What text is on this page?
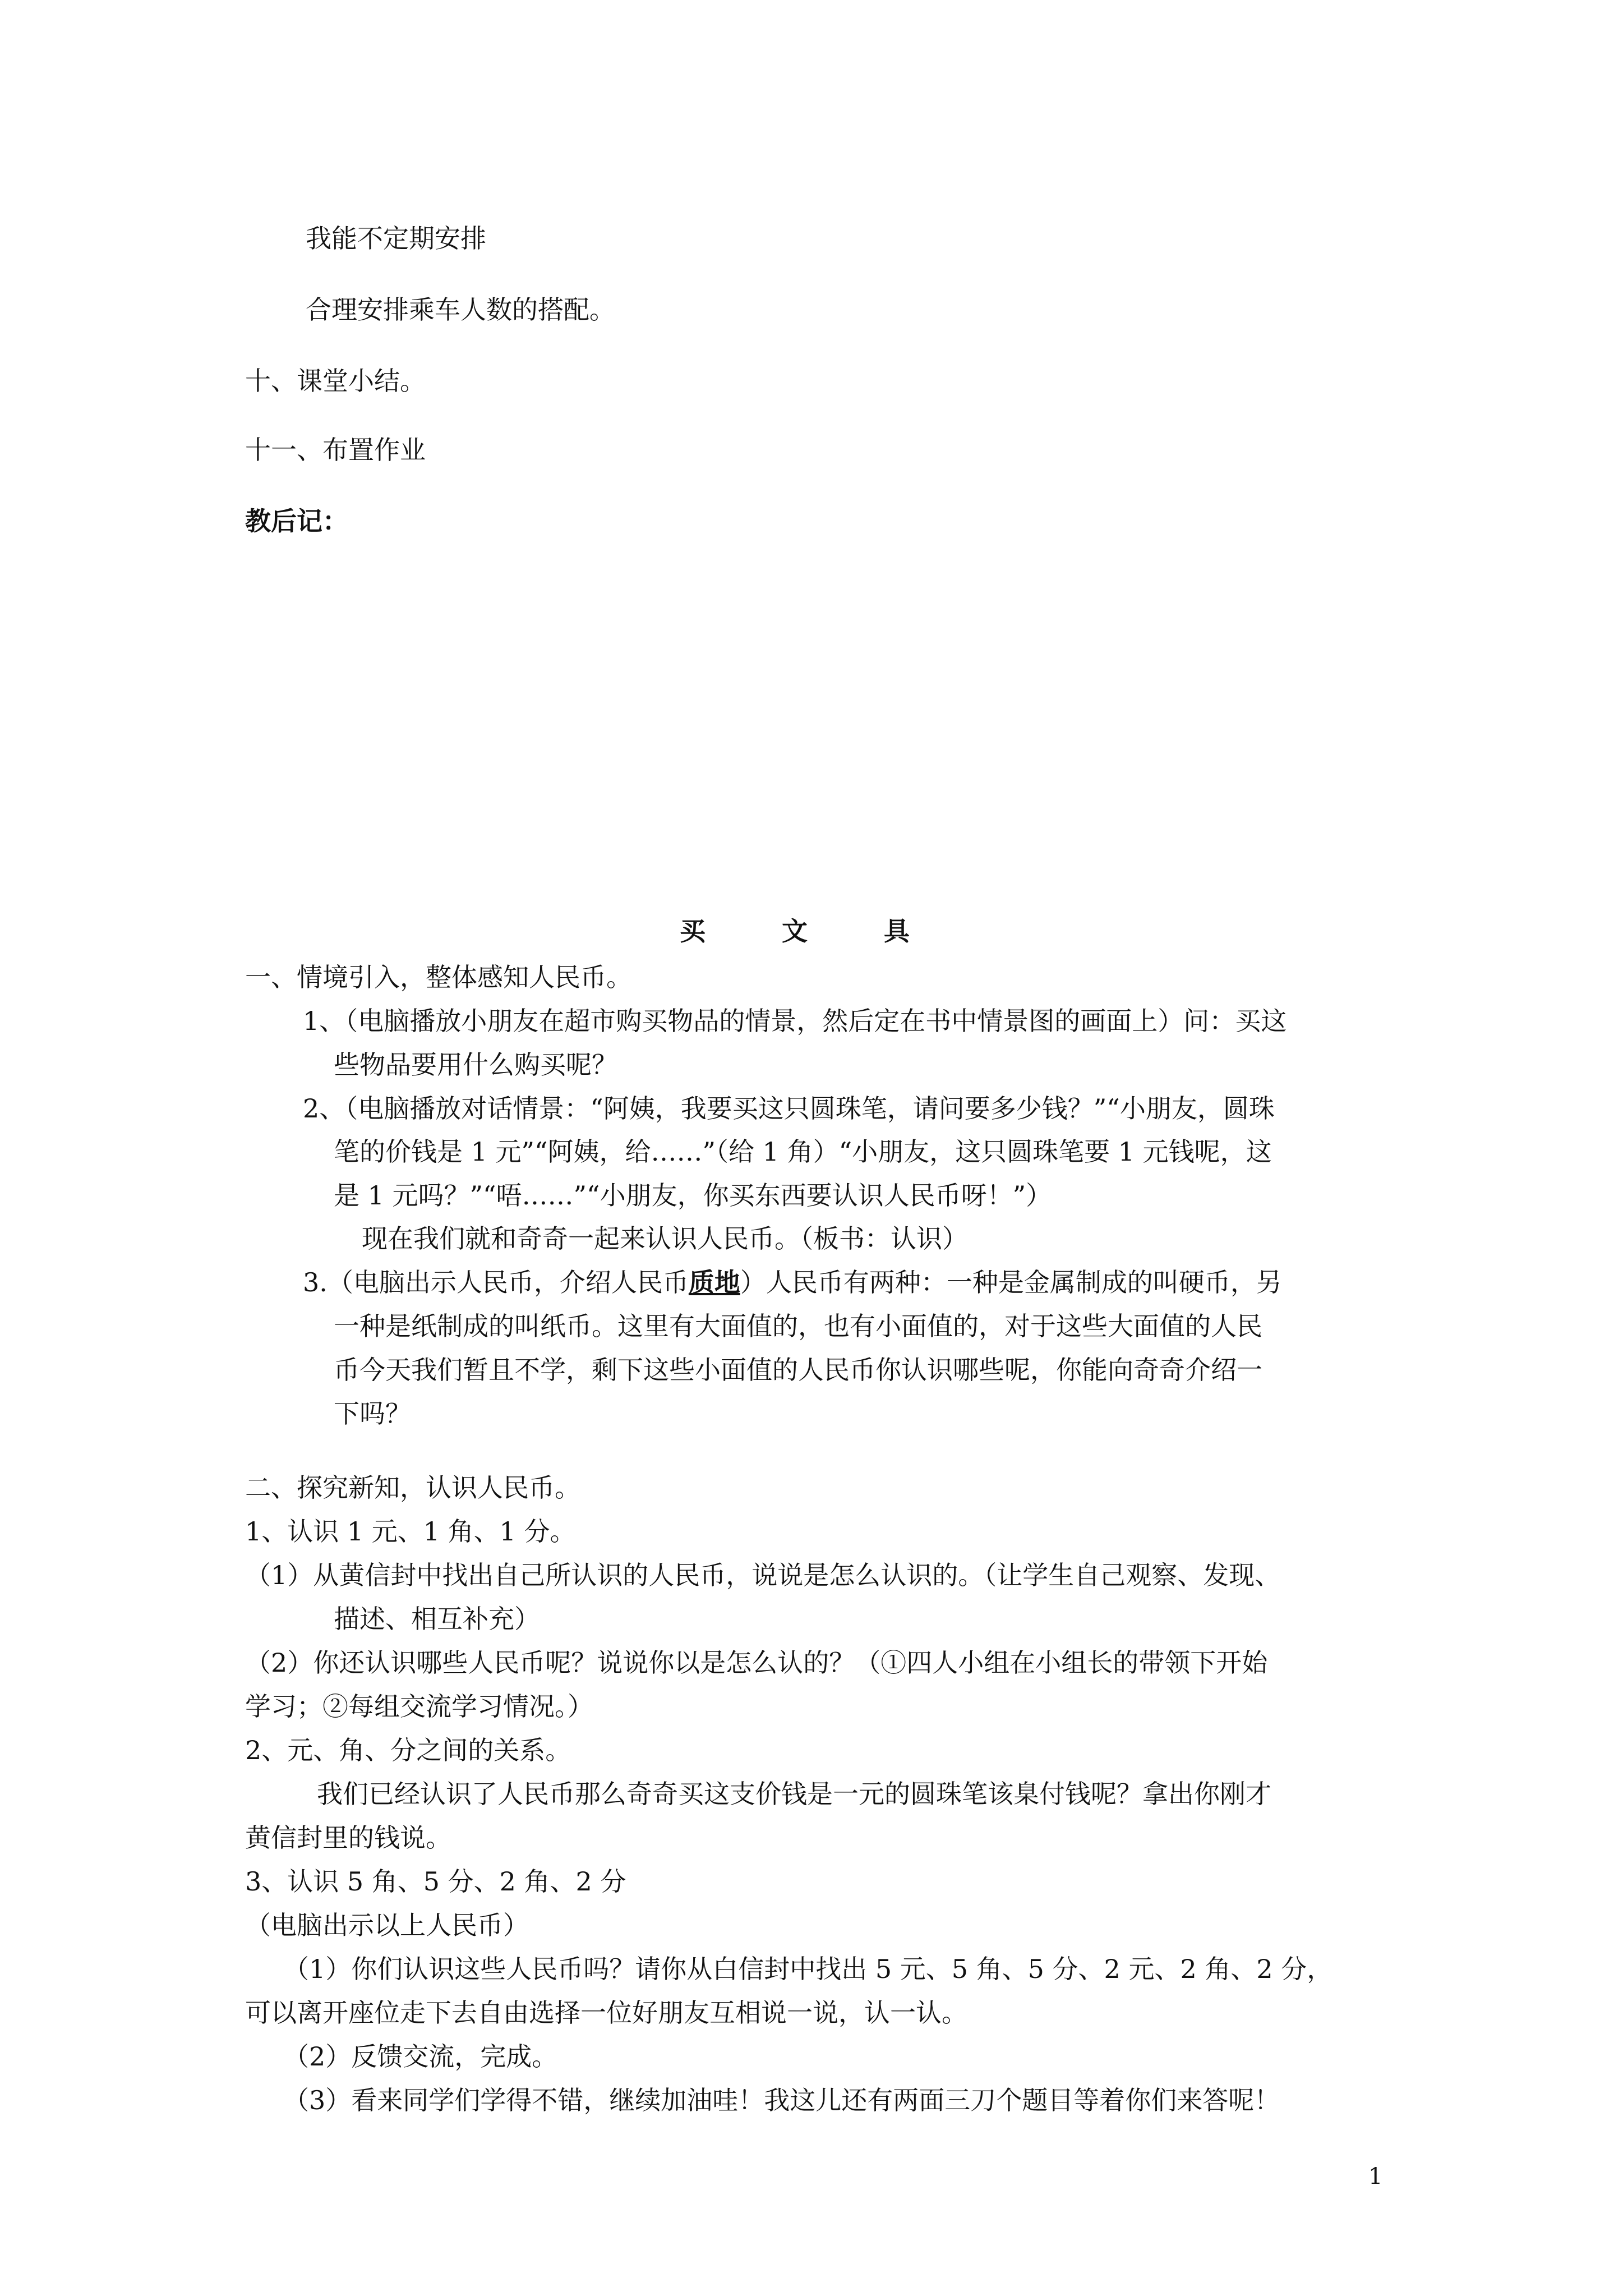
我能不定期安排
合理安排乘车人数的搭配。
十、课堂小结。
十一、布置作业
教后记：
买 文 具
一、情境引入，整体感知人民币。
1、（电脑播放小朋友在超市购买物品的情景，然后定在书中情景图的画面上）问：买这
些物品要用什么购买呢？
2、（电脑播放对话情景：“阿姨，我要买这只圆珠笔，请问要多少钱？”“小朋友，圆珠
笔的价钱是 1 元”“阿姨，给……”（给 1 角）“小朋友，这只圆珠笔要 1 元钱呢，这
是 1 元吗？”“唔……”“小朋友，你买东西要认识人民币呀！”）
现在我们就和奇奇一起来认识人民币。（板书：认识）
3.（电脑出示人民币，介绍人民币质地）人民币有两种：一种是金属制成的叫硬币，另
一种是纸制成的叫纸币。这里有大面值的，也有小面值的，对于这些大面值的人民
币今天我们暂且不学，剩下这些小面值的人民币你认识哪些呢，你能向奇奇介绍一
下吗？
二、探究新知，认识人民币。
1、认识 1 元、1 角、1 分。
（1）从黄信封中找出自己所认识的人民币，说说是怎么认识的。（让学生自己观察、发现、
描述、相互补充）
（2）你还认识哪些人民币呢？说说你以是怎么认的？（①四人小组在小组长的带领下开始
学习；②每组交流学习情况。）
2、元、角、分之间的关系。
我们已经认识了人民币那么奇奇买这支价钱是一元的圆珠笔该臬付钱呢？拿出你刚才
黄信封里的钱说。
3、认识 5 角、5 分、2 角、2 分
（电脑出示以上人民币）
（1）你们认识这些人民币吗？请你从白信封中找出 5 元、5 角、5 分、2 元、2 角、2 分，
可以离开座位走下去自由选择一位好朋友互相说一说，认一认。
（2）反馈交流，完成。
（3）看来同学们学得不错，继续加油哇！我这儿还有两面三刀个题目等着你们来答呢！
1
